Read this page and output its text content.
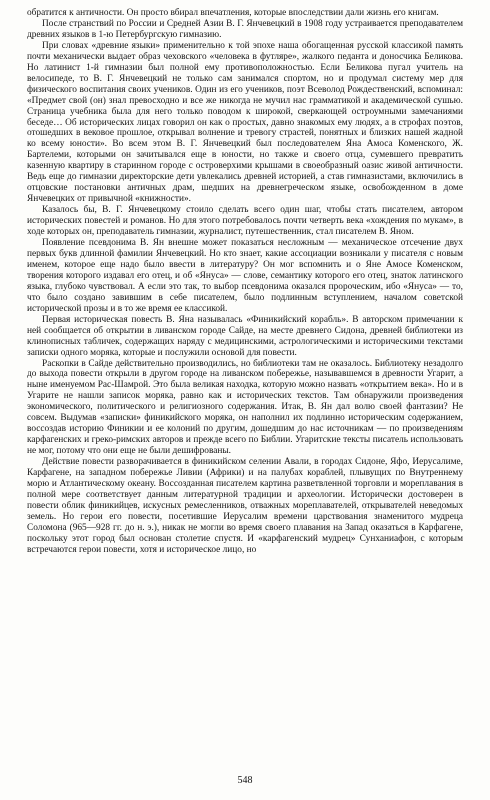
обратится к античности. Он просто вбирал впечатления, которые впоследствии дали жизнь его книгам.

После странствий по России и Средней Азии В. Г. Янчевецкий в 1908 году устраивается преподавателем древних языков в 1-ю Петербургскую гимназию.

При словах «древние языки» применительно к той эпохе наша обогащенная русской классикой память почти механически выдает образ чеховского «человека в футляре», жалкого педанта и доносчика Беликова. Но латинист 1-й гимназии был полной ему противоположностью. Если Беликова пугал учитель на велосипеде, то В. Г. Янчевецкий не только сам занимался спортом, но и продумал систему мер для физического воспитания своих учеников. Один из его учеников, поэт Всеволод Рождественский, вспоминал: «Предмет свой (он) знал превосходно и все же никогда не мучил нас грамматикой и академической сушью. Страница учебника была для него только поводом к широкой, сверкающей остроумными замечаниями беседе… Об исторических лицах говорил он как о простых, давно знакомых ему людях, а в строфах поэтов, отошедших в вековое прошлое, открывал волнение и тревогу страстей, понятных и близких нашей жадной ко всему юности». Во всем этом В. Г. Янчевецкий был последователем Яна Амоса Коменского, Ж. Бартелеми, которыми он зачитывался еще в юности, но также и своего отца, сумевшего превратить казенную квартиру в старинном городе с островерхими крышами в своеобразный оазис живой античности. Ведь еще до гимназии директорские дети увлекались древней историей, а став гимназистами, включились в отцовские постановки античных драм, шедших на древнегреческом языке, освобожденном в доме Янчевецких от привычной «книжности».

Казалось бы, В. Г. Янчевецкому стоило сделать всего один шаг, чтобы стать писателем, автором исторических повестей и романов. Но для этого потребовалось почти четверть века «хождения по мукам», в ходе которых он, преподаватель гимназии, журналист, путешественник, стал писателем В. Яном.

Появление псевдонима В. Ян внешне может показаться несложным — механическое отсечение двух первых букв длинной фамилии Янчевецкий. Но кто знает, какие ассоциации возникали у писателя с новым именем, которое еще надо было ввести в литературу? Он мог вспомнить и о Яне Амосе Коменском, творения которого издавал его отец, и об «Януса» — слове, семантику которого его отец, знаток латинского языка, глубоко чувствовал. А если это так, то выбор псевдонима оказался пророческим, ибо «Януса» — то, что было создано завившим в себе писателем, было подлинным вступлением, началом советской исторической прозы и в то же время ее классикой.

Первая историческая повесть В. Яна называлась «Финикийский корабль». В авторском примечании к ней сообщается об открытии в ливанском городе Сайде, на месте древнего Сидона, древней библиотеки из клинописных табличек, содержащих наряду с медицинскими, астрологическими и историческими текстами записки одного моряка, которые и послужили основой для повести.

Раскопки в Сайде действительно производились, но библиотеки там не оказалось. Библиотеку незадолго до выхода повести открыли в другом городе на ливанском побережье, называвшемся в древности Угарит, а ныне именуемом Рас-Шамрой. Это была великая находка, которую можно назвать «открытием века». Но и в Угарите не нашли записок моряка, равно как и исторических текстов. Там обнаружили произведения экономического, политического и религиозного содержания. Итак, В. Ян дал волю своей фантазии? Не совсем. Выдумав «записки» финикийского моряка, он наполнил их подлинно историческим содержанием, воссоздав историю Финикии и ее колоний по другим, дошедшим до нас источникам — по произведениям карфагенских и греко-римских авторов и прежде всего по Библии. Угаритские тексты писатель использовать не мог, потому что они еще не были дешифрованы.

Действие повести разворачивается в финикийском селении Авали, в городах Сидоне, Яфо, Иерусалиме, Карфагене, на западном побережье Ливии (Африки) и на палубах кораблей, плывущих по Внутреннему морю и Атлантическому океану. Воссозданная писателем картина разветвленной торговли и мореплавания в полной мере соответствует данным литературной традиции и археологии. Исторически достоверен в повести облик финикийцев, искусных ремесленников, отважных мореплавателей, открывателей неведомых земель. Но герои его повести, посетившие Иерусалим времени царствования знаменитого мудреца Соломона (965—928 гг. до н. э.), никак не могли во время своего плавания на Запад оказаться в Карфагене, поскольку этот город был основан столетие спустя. И «карфагенский мудрец» Сунханиафон, с которым встречаются герои повести, хотя и историческое лицо, но

548
